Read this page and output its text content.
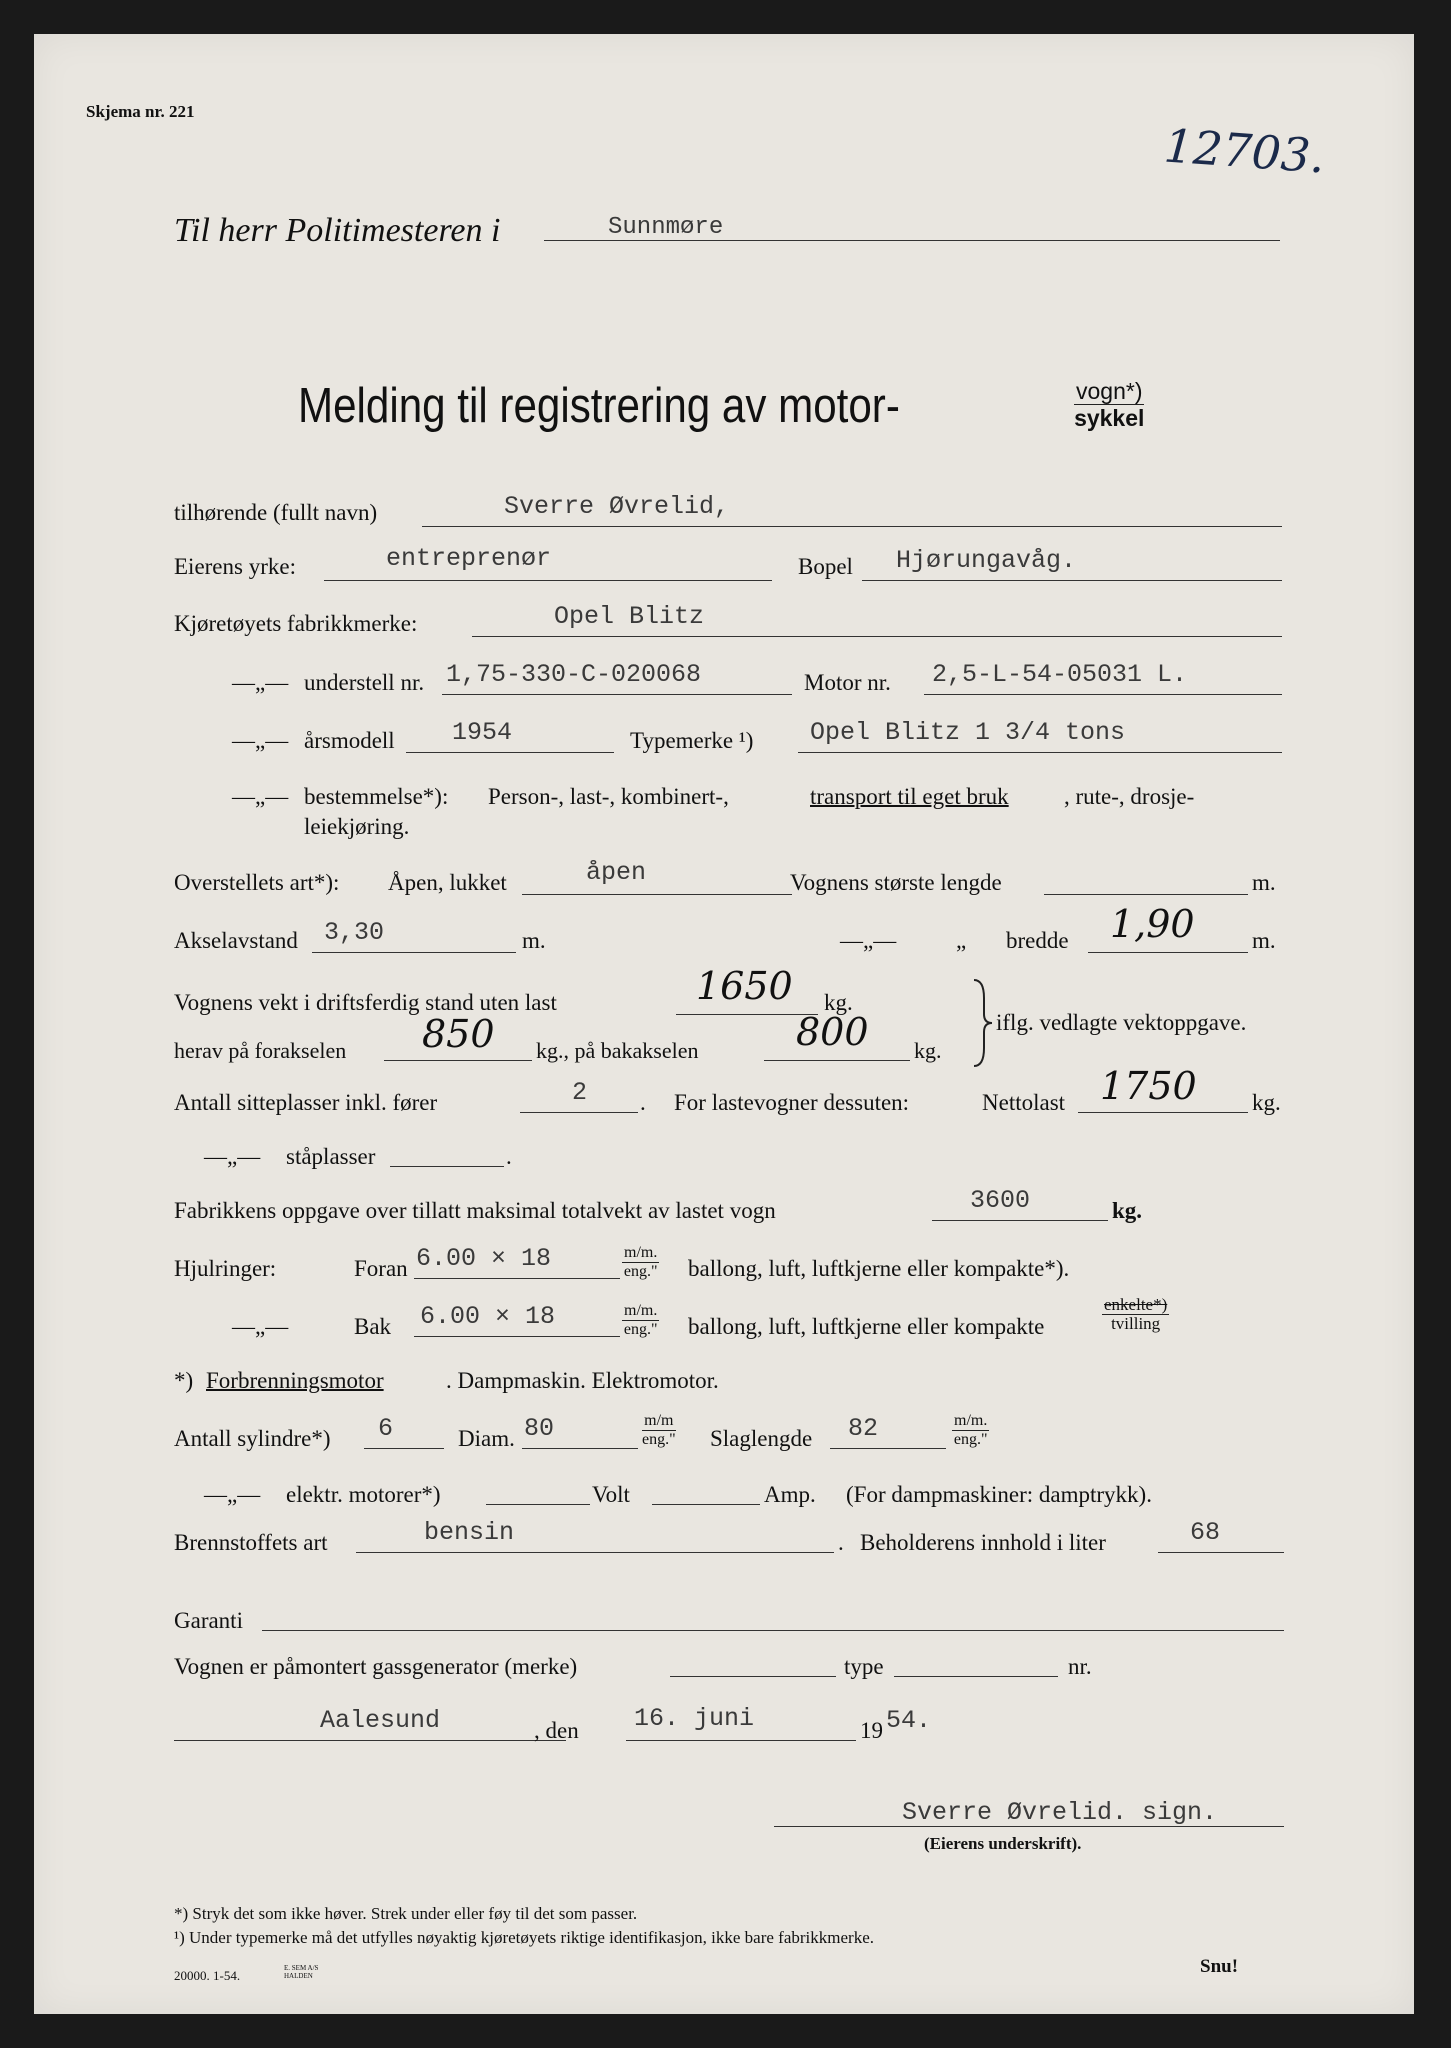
Skjema nr. 221
12703.
Til herr Politimesteren i	Sunnmøre
Melding til registrering av motor-	vogn*)
sykkel
tilhørende (fullt navn)	Sverre Øvrelid,
Eierens yrke:	entreprenør	Bopel Hjørungavåg.
Kjøretøyets fabrikkmerke:	Opel Blitz
—„— understell nr. 1,75-330-C-020068	Motor nr. 2,5-L-54-05031 L.
—„— årsmodell 1954	Typemerke ¹) Opel Blitz 1 3/4 tons
—„— bestemmelse*): Person-, last-, kombinert-,	transport til eget bruk , rute-, drosje-
leiekjøring.
Overstellets art*): Åpen, lukket	åpen	Vognens største lengde	m.
Akselavstand 3,30	m.	—„—	„ bredde 1,90 m.
Vognens vekt i driftsferdig stand uten last	1650 kg.
herav på forakselen 850 kg., på bakakselen	800 kg.
iflg. vedlagte vektoppgave.
Antall sitteplasser inkl. fører	2 . For lastevogner dessuten:	Nettolast 1750 kg.
—„— ståplasser	.
Fabrikkens oppgave over tillatt maksimal totalvekt av lastet vogn	3600	kg.
Hjulringer:	Foran 6.00 × 18	m/m.
eng." ballong, luft, luftkjerne eller kompakte*).
—„—	Bak 6.00 × 18	m/m.
eng." ballong, luft, luftkjerne eller kompakte
enkelte*)
tvilling
*) Forbrenningsmotor	. Dampmaskin. Elektromotor.
Antall sylindre*) 6	Diam. 80	m/m
eng." Slaglengde 82	m/m.
eng."
—„— elektr. motorer*)	Volt	Amp. (For dampmaskiner: damptrykk).
Brennstoffets art	bensin	. Beholderens innhold i liter	68
Garanti
Vognen er påmontert gassgenerator (merke)	type	nr.
Aalesund	, den 16. juni	19 54.
Sverre Øvrelid. sign.
(Eierens underskrift).
*) Stryk det som ikke høver. Strek under eller føy til det som passer.
¹) Under typemerke må det utfylles nøyaktig kjøretøyets riktige identifikasjon, ikke bare fabrikkmerke.
20000. 1-54.	E. SEM A/S HALDEN	Snu!
